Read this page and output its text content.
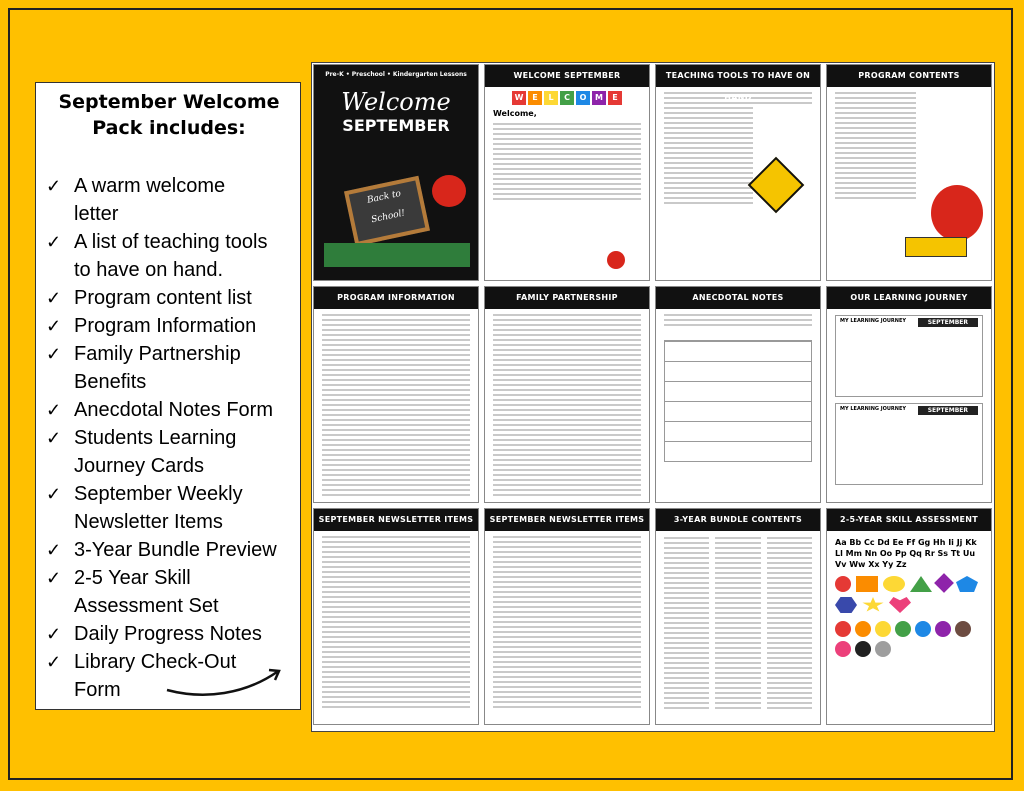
September Welcome
Pack includes:
✓ A warm welcome
letter
✓ A list of teaching tools
to have on hand.
✓ Program content list
✓ Program Information
✓ Family Partnership
Benefits
✓ Anecdotal Notes Form
✓ Students Learning
Journey Cards
✓ September Weekly
Newsletter Items
✓ 3-Year Bundle Preview
✓ 2-5 Year Skill
Assessment Set
✓ Daily Progress Notes
✓ Library Check-Out
Form
Pre-K • Preschool • Kindergarten Lessons
Welcome
SEPTEMBER
Back to School!
WELCOME SEPTEMBER
W	E	L	C	O	M	E
Welcome,
TEACHING TOOLS TO HAVE ON HAND
PROGRAM CONTENTS
PROGRAM INFORMATION	FAMILY PARTNERSHIP	ANECDOTAL NOTES	OUR LEARNING JOURNEY
MY LEARNING JOURNEY	SEPTEMBER
MY LEARNING JOURNEY	SEPTEMBER
SEPTEMBER NEWSLETTER ITEMS	SEPTEMBER NEWSLETTER ITEMS	3-YEAR BUNDLE CONTENTS	2-5-YEAR SKILL ASSESSMENT
Aa Bb Cc Dd Ee Ff Gg Hh Ii Jj Kk Ll Mm Nn Oo Pp Qq Rr Ss Tt Uu Vv Ww Xx Yy Zz
